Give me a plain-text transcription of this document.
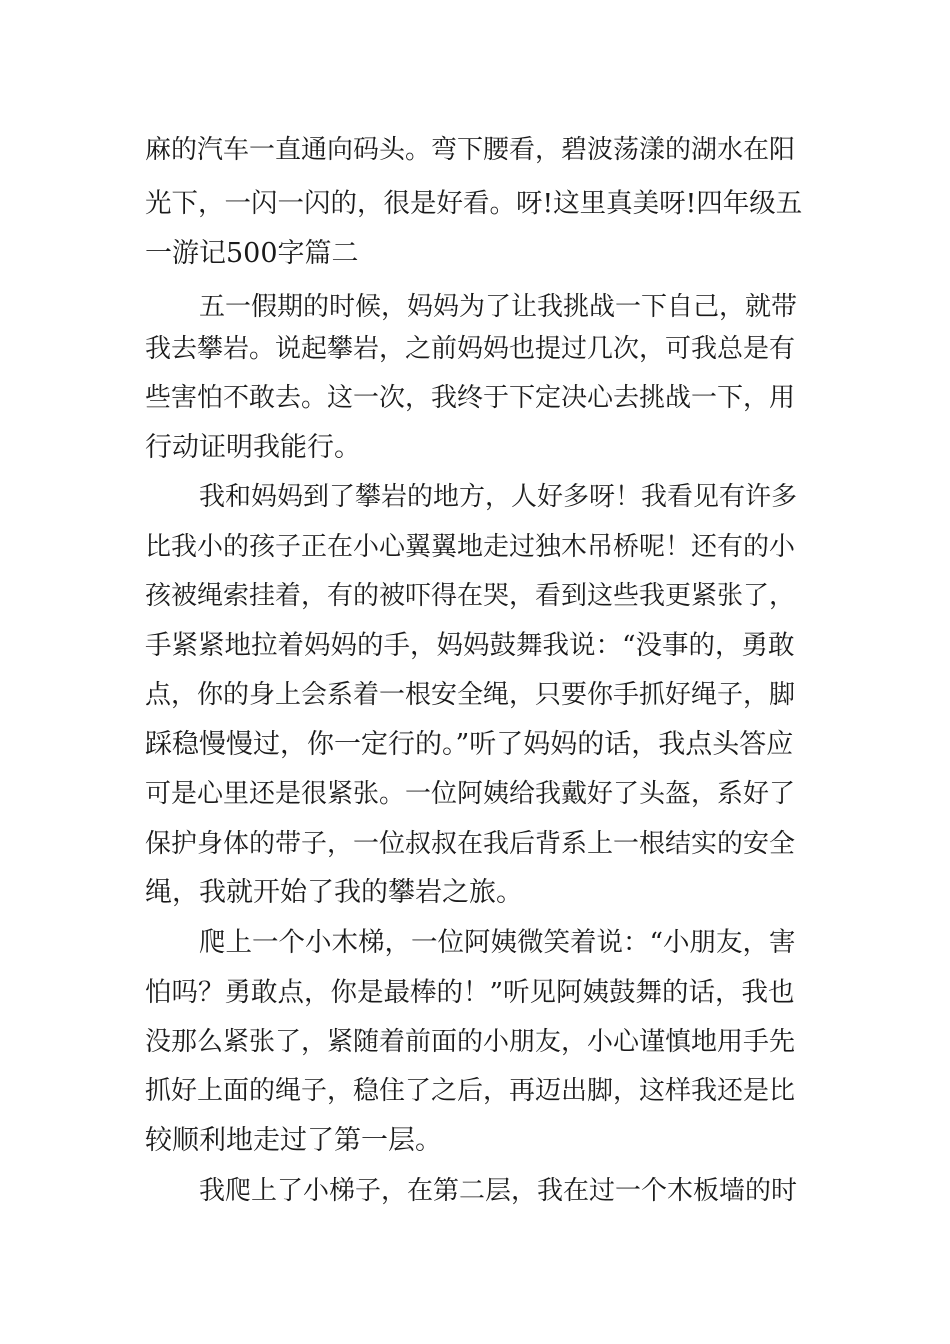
麻的汽车一直通向码头。弯下腰看，碧波荡漾的湖水在阳
光下，一闪一闪的，很是好看。呀!这里真美呀!四年级五
一游记500字篇二
五一假期的时候，妈妈为了让我挑战一下自己，就带
我去攀岩。说起攀岩，之前妈妈也提过几次，可我总是有
些害怕不敢去。这一次，我终于下定决心去挑战一下，用
行动证明我能行。
我和妈妈到了攀岩的地方，人好多呀！我看见有许多
比我小的孩子正在小心翼翼地走过独木吊桥呢！还有的小
孩被绳索挂着，有的被吓得在哭，看到这些我更紧张了，
手紧紧地拉着妈妈的手，妈妈鼓舞我说：“没事的，勇敢
点，你的身上会系着一根安全绳，只要你手抓好绳子，脚
踩稳慢慢过，你一定行的。”听了妈妈的话，我点头答应
可是心里还是很紧张。一位阿姨给我戴好了头盔，系好了
保护身体的带子，一位叔叔在我后背系上一根结实的安全
绳，我就开始了我的攀岩之旅。
爬上一个小木梯，一位阿姨微笑着说：“小朋友，害
怕吗？勇敢点，你是最棒的！”听见阿姨鼓舞的话，我也
没那么紧张了，紧随着前面的小朋友，小心谨慎地用手先
抓好上面的绳子，稳住了之后，再迈出脚，这样我还是比
较顺利地走过了第一层。
我爬上了小梯子，在第二层，我在过一个木板墙的时
